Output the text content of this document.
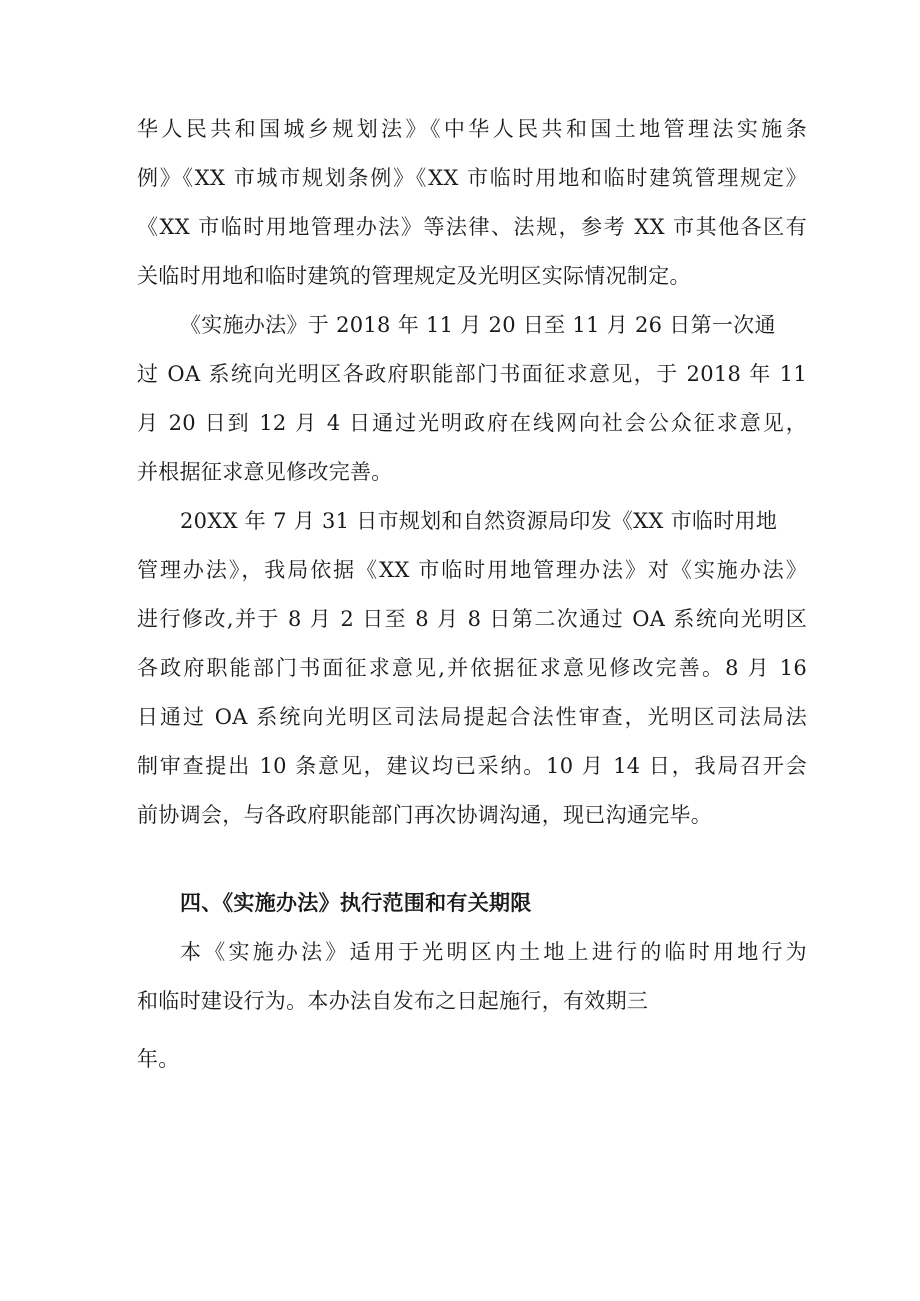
华人民共和国城乡规划法》《中华人民共和国土地管理法实施条
例》《XX 市城市规划条例》《XX 市临时用地和临时建筑管理规定》
《XX 市临时用地管理办法》等法律、法规，参考 XX 市其他各区有
关临时用地和临时建筑的管理规定及光明区实际情况制定。
《实施办法》于 2018 年 11 月 20 日至 11 月 26 日第一次通
过 OA 系统向光明区各政府职能部门书面征求意见，于 2018 年 11
月 20 日到 12 月 4 日通过光明政府在线网向社会公众征求意见，
并根据征求意见修改完善。
20XX 年 7 月 31 日市规划和自然资源局印发《XX 市临时用地
管理办法》，我局依据《XX 市临时用地管理办法》对《实施办法》
进行修改,并于 8 月 2 日至 8 月 8 日第二次通过 OA 系统向光明区
各政府职能部门书面征求意见,并依据征求意见修改完善。8 月 16
日通过 OA 系统向光明区司法局提起合法性审查，光明区司法局法
制审查提出 10 条意见，建议均已采纳。10 月 14 日，我局召开会
前协调会，与各政府职能部门再次协调沟通，现已沟通完毕。
四、《实施办法》执行范围和有关期限
本《实施办法》适用于光明区内土地上进行的临时用地行为
和临时建设行为。本办法自发布之日起施行，有效期三
年。
